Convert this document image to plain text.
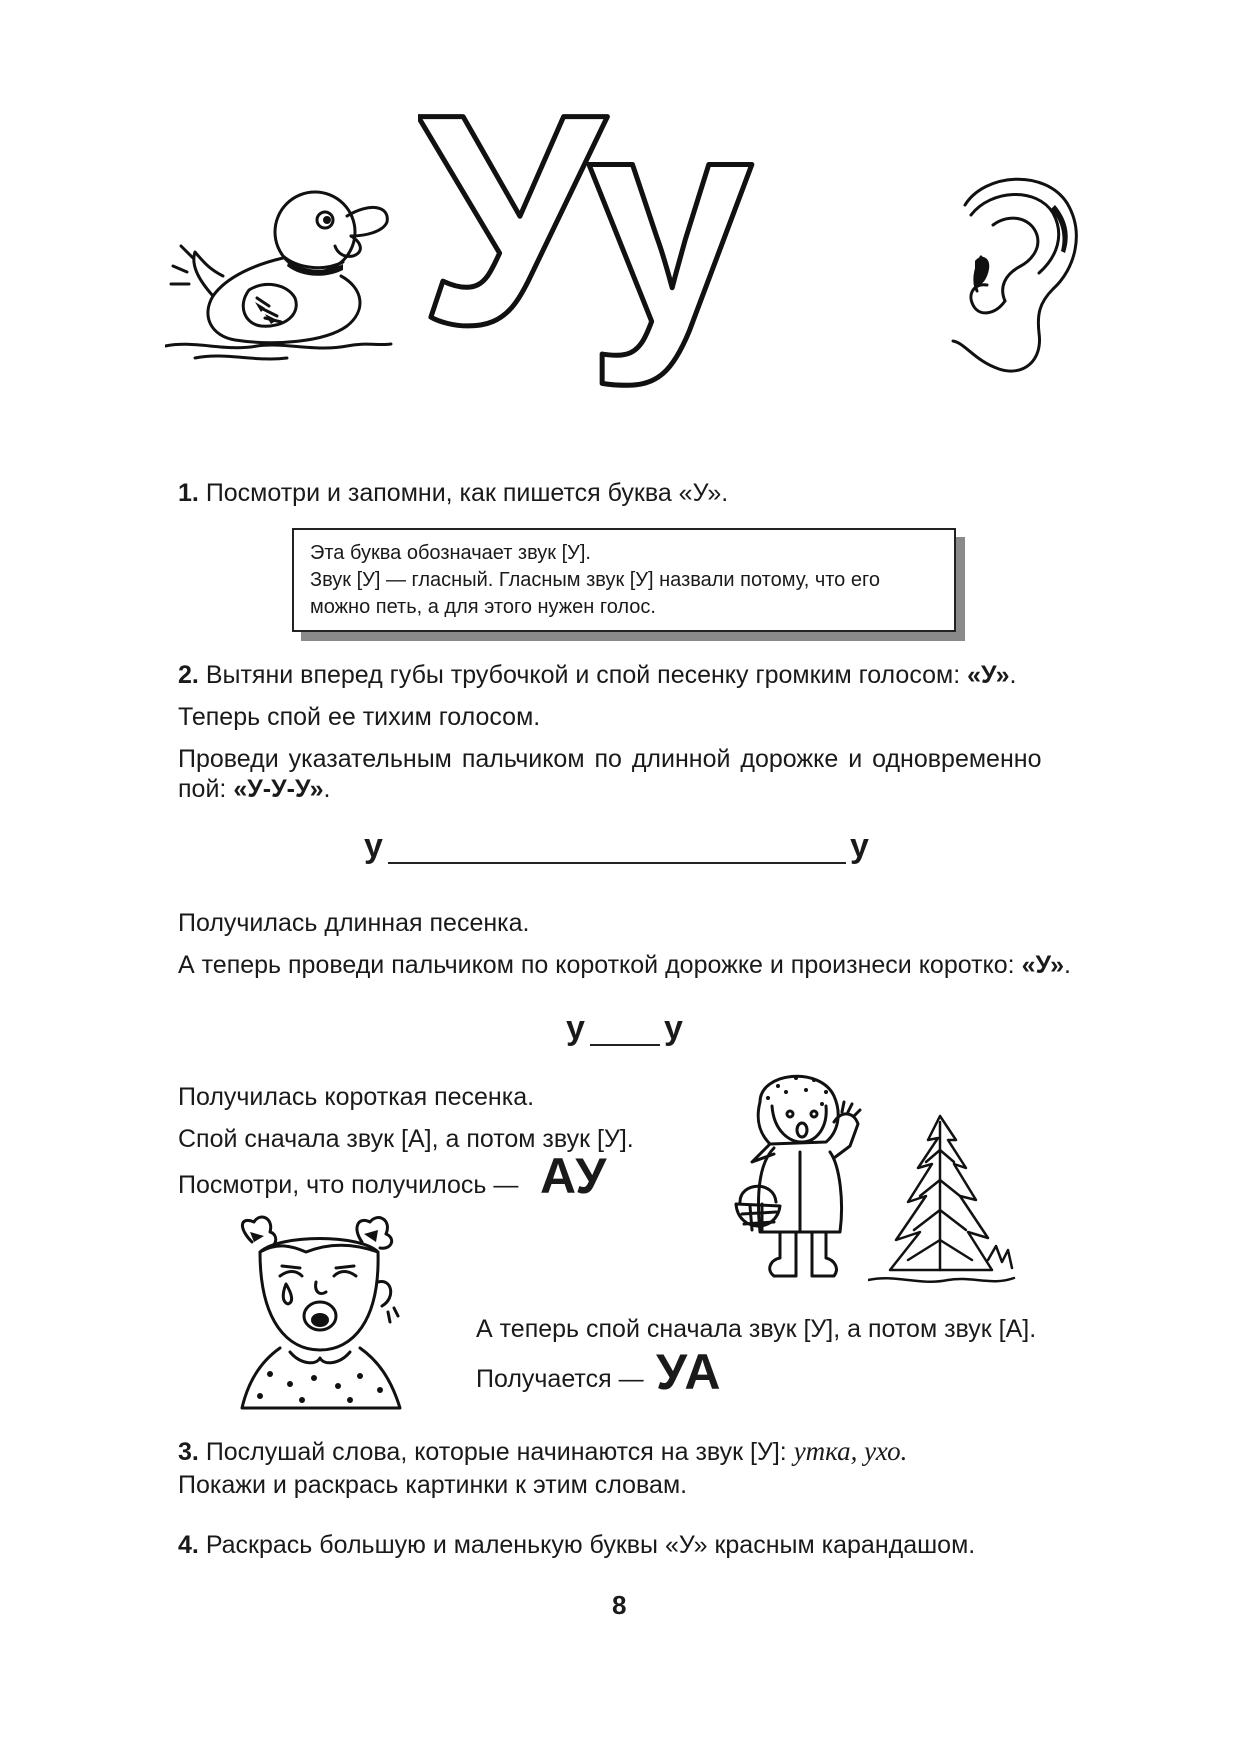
Уу
1. Посмотри и запомни, как пишется буква «У».
Эта буква обозначает звук [У].
Звук [У] — гласный. Гласным звук [У] назвали потому, что его
можно петь, а для этого нужен голос.
2. Вытяни вперед губы трубочкой и спой песенку громким голосом: «У».
Теперь спой ее тихим голосом.
Проведи указательным пальчиком по длинной дорожке и одновременно
пой: «У-У-У».
у	у
Получилась длинная песенка.
А теперь проведи пальчиком по короткой дорожке и произнеси коротко: «У».
у у
Получилась короткая песенка.
Спой сначала звук [А], а потом звук [У].
Посмотри, что получилось — АУ
А теперь спой сначала звук [У], а потом звук [А].
Получается — УА
3. Послушай слова, которые начинаются на звук [У]: утка, ухо.
Покажи и раскрась картинки к этим словам.
4. Раскрась большую и маленькую буквы «У» красным карандашом.
8
